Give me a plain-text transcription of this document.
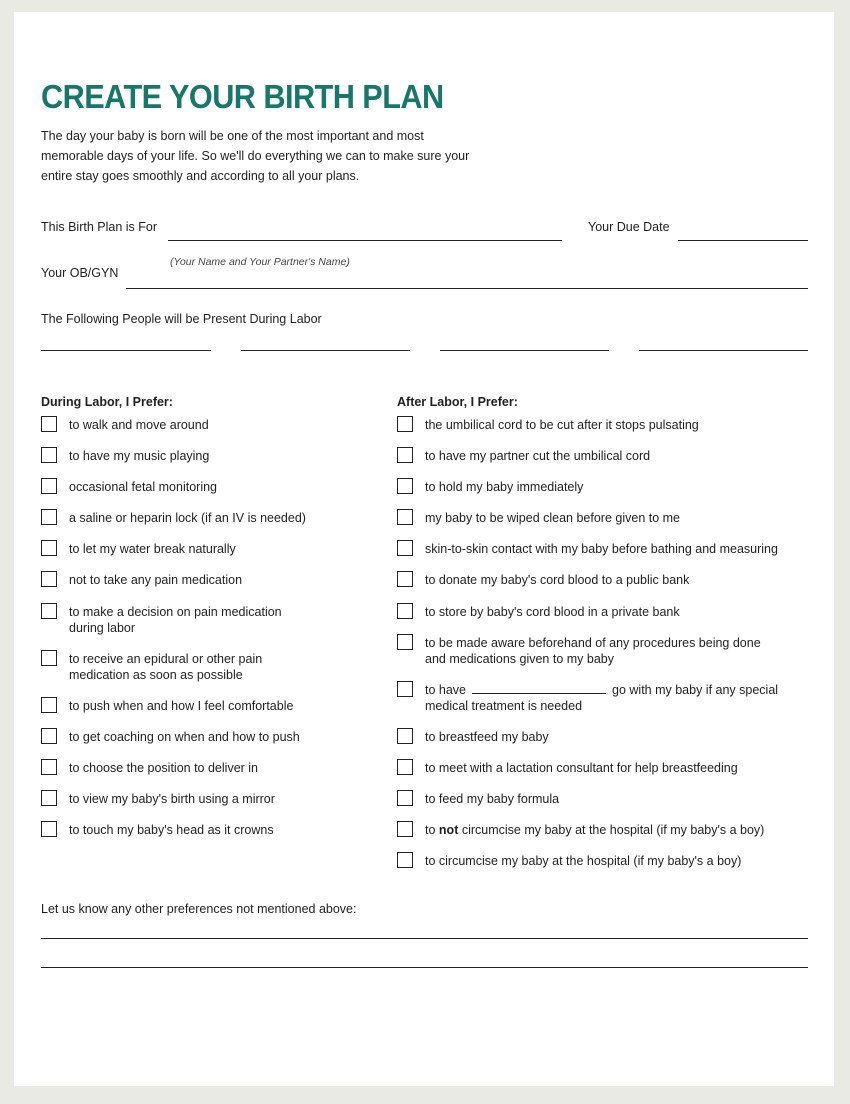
CREATE YOUR BIRTH PLAN

The day your baby is born will be one of the most important and most memorable days of your life. So we'll do everything we can to make sure your entire stay goes smoothly and according to all your plans.

This Birth Plan is For
(Your Name and Your Partner's Name)
Your Due Date
Your OB/GYN
The Following People will be Present During Labor
During Labor, I Prefer:	After Labor, I Prefer:
to walk and move around
to have my music playing
occasional fetal monitoring
a saline or heparin lock (if an IV is needed)
to let my water break naturally
not to take any pain medication
to make a decision on pain medication
during labor
to receive an epidural or other pain
medication as soon as possible
to push when and how I feel comfortable
to get coaching on when and how to push
to choose the position to deliver in
to view my baby's birth using a mirror
to touch my baby's head as it crowns
the umbilical cord to be cut after it stops pulsating
to have my partner cut the umbilical cord
to hold my baby immediately
my baby to be wiped clean before given to me
skin-to-skin contact with my baby before bathing and measuring
to donate my baby's cord blood to a public bank
to store by baby's cord blood in a private bank
to be made aware beforehand of any procedures being done
and medications given to my baby
to have	go with my baby if any special
medical treatment is needed
to breastfeed my baby
to meet with a lactation consultant for help breastfeeding
to feed my baby formula
to not circumcise my baby at the hospital (if my baby's a boy)
to circumcise my baby at the hospital (if my baby's a boy)
Let us know any other preferences not mentioned above:
